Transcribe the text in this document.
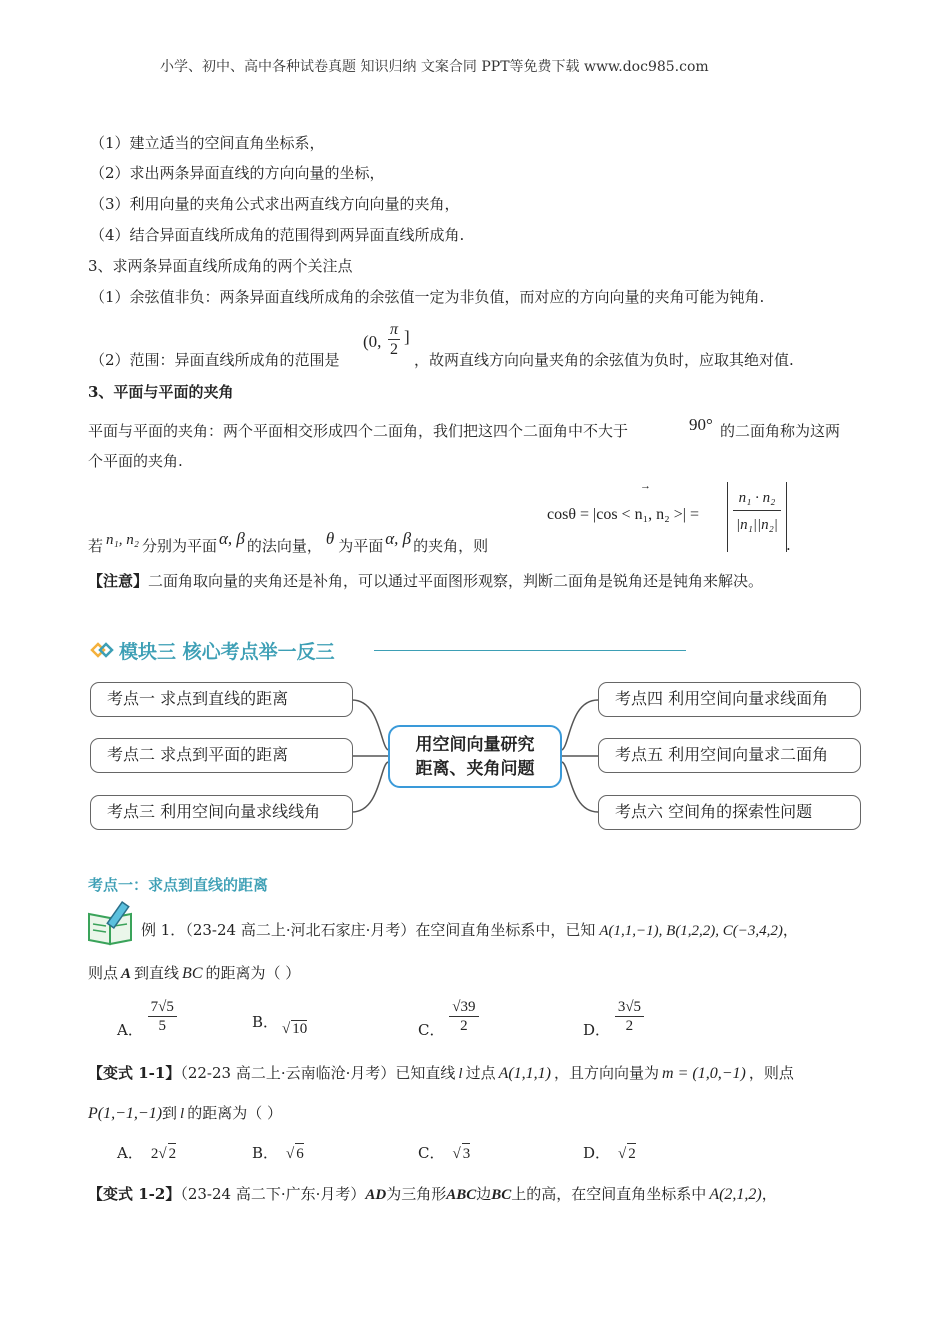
小学、初中、高中各种试卷真题 知识归纳 文案合同 PPT等免费下载 www.doc985.com
（1）建立适当的空间直角坐标系，
（2）求出两条异面直线的方向向量的坐标，
（3）利用向量的夹角公式求出两直线方向向量的夹角，
（4）结合异面直线所成角的范围得到两异面直线所成角.
3、求两条异面直线所成角的两个关注点
（1）余弦值非负：两条异面直线所成角的余弦值一定为非负值，而对应的方向向量的夹角可能为钝角.
（2）范围：异面直线所成角的范围是
(0,
π
2
]
，故两直线方向向量夹角的余弦值为负时，应取其绝对值.
3、平面与平面的夹角
平面与平面的夹角：两个平面相交形成四个二面角，我们把这四个二面角中不大于	90° 的二面角称为这两
个平面的夹角.
→
cosθ = |cos < n₁, n₂ >| = $\frac{\text{n₁ · n₂}}{\text{|n₁||n₂|}}$ .
若 n₁, n₂ 分别为平面 α, β 的法向量， θ 为平面 α, β 的夹角，则
【注意】二面角取向量的夹角还是补角，可以通过平面图形观察，判断二面角是锐角还是钝角来解决。
模块三 核心考点举一反三
考点一 求点到直线的距离
考点二 求点到平面的距离
考点三 利用空间向量求线线角
考点四 利用空间向量求线面角
考点五 利用空间向量求二面角
考点六 空间角的探索性问题
用空间向量研究
距离、夹角问题
考点一：求点到直线的距离
例 1．（23-24 高二上·河北石家庄·月考）在空间直角坐标系中，已知 A(1,1,−1), B(1,2,2), C(−3,4,2)，
则点 A 到直线 BC 的距离为（ ）
A． $\frac{7√5}{5}$	B． √ 10	C． $\frac{√39}{2}$	D． $\frac{3√5}{2}$
【变式 1-1】（22-23 高二上·云南临沧·月考）已知直线 l 过点 A(1,1,1) ，且方向向量为 m = (1,0,−1) ，则点
P(1,−1,−1)到 l 的距离为（ ）
A． 2√ 2	B． √ 6	C． √ 3	D． √ 2
【变式 1-2】（23-24 高二下·广东·月考）AD为三角形ABC边BC上的高，在空间直角坐标系中 A(2,1,2)，
